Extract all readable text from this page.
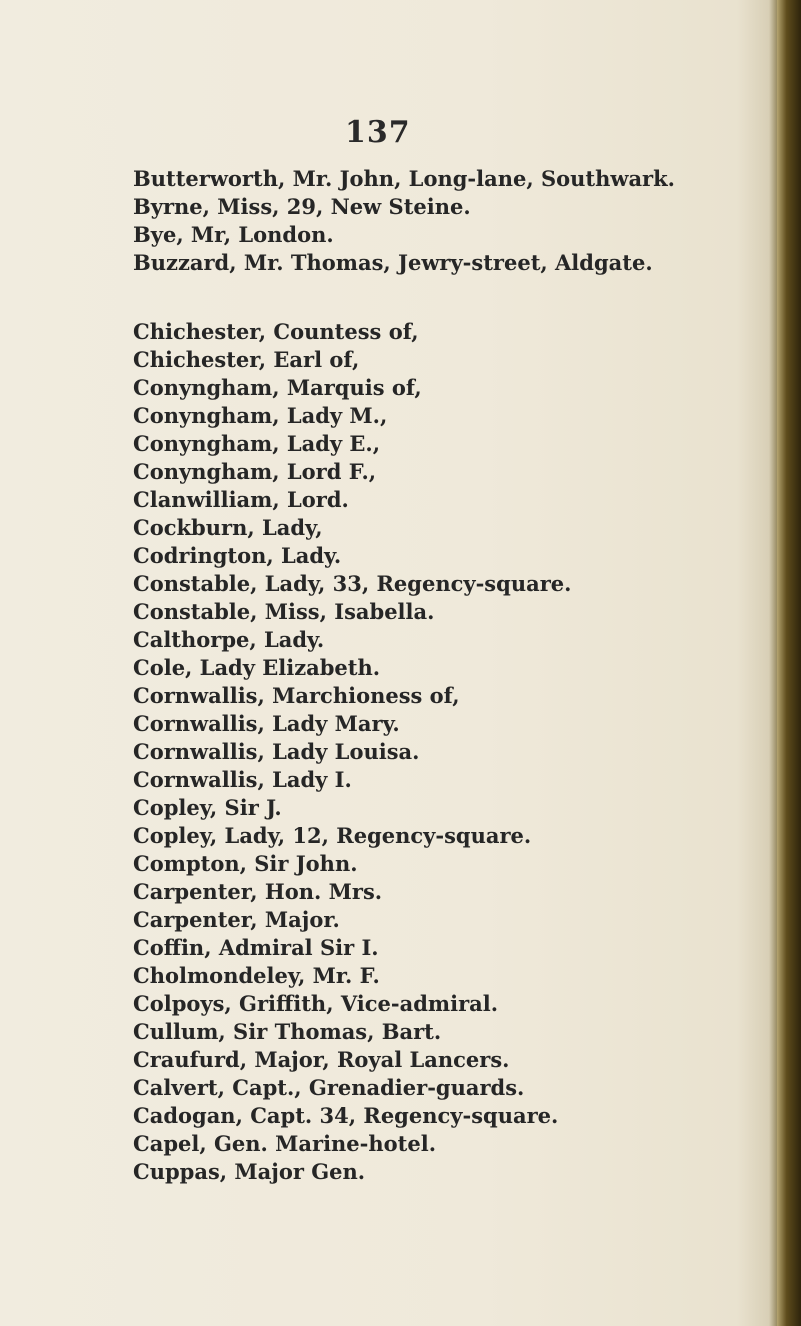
137
Butterworth, Mr. John, Long-lane, Southwark.
Byrne, Miss, 29, New Steine.
Bye, Mr, London.
Buzzard, Mr. Thomas, Jewry-street, Aldgate.
Chichester, Countess of,
Chichester, Earl of,
Conyngham, Marquis of,
Conyngham, Lady M.,
Conyngham, Lady E.,
Conyngham, Lord F.,
Clanwilliam, Lord.
Cockburn, Lady,
Codrington, Lady.
Constable, Lady, 33, Regency-square.
Constable, Miss, Isabella.
Calthorpe, Lady.
Cole, Lady Elizabeth.
Cornwallis, Marchioness of,
Cornwallis, Lady Mary.
Cornwallis, Lady Louisa.
Cornwallis, Lady I.
Copley, Sir J.
Copley, Lady, 12, Regency-square.
Compton, Sir John.
Carpenter, Hon. Mrs.
Carpenter, Major.
Coffin, Admiral Sir I.
Cholmondeley, Mr. F.
Colpoys, Griffith, Vice-admiral.
Cullum, Sir Thomas, Bart.
Craufurd, Major, Royal Lancers.
Calvert, Capt., Grenadier-guards.
Cadogan, Capt. 34, Regency-square.
Capel, Gen. Marine-hotel.
Cuppas, Major Gen.
